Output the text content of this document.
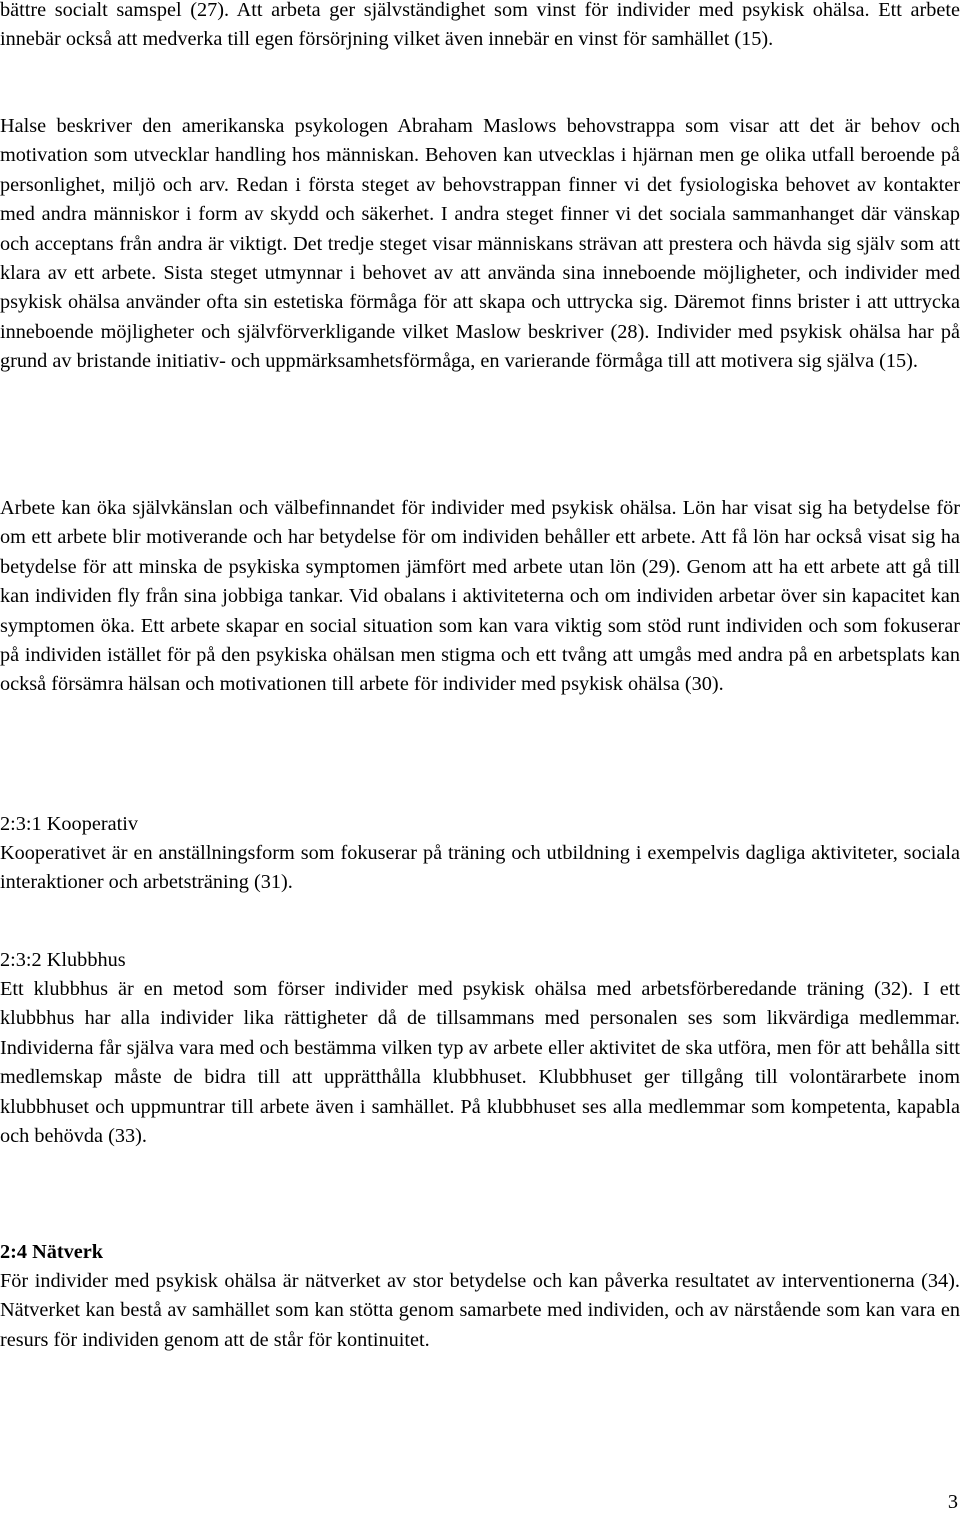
bättre socialt samspel (27). Att arbeta ger självständighet som vinst för individer med psykisk ohälsa. Ett arbete innebär också att medverka till egen försörjning vilket även innebär en vinst för samhället (15).

Halse beskriver den amerikanska psykologen Abraham Maslows behovstrappa som visar att det är behov och motivation som utvecklar handling hos människan. Behoven kan utvecklas i hjärnan men ge olika utfall beroende på personlighet, miljö och arv. Redan i första steget av behovstrappan finner vi det fysiologiska behovet av kontakter med andra människor i form av skydd och säkerhet. I andra steget finner vi det sociala sammanhanget där vänskap och acceptans från andra är viktigt. Det tredje steget visar människans strävan att prestera och hävda sig själv som att klara av ett arbete. Sista steget utmynnar i behovet av att använda sina inneboende möjligheter, och individer med psykisk ohälsa använder ofta sin estetiska förmåga för att skapa och uttrycka sig. Däremot finns brister i att uttrycka inneboende möjligheter och självförverkligande vilket Maslow beskriver (28). Individer med psykisk ohälsa har på grund av bristande initiativ- och uppmärksamhetsförmåga, en varierande förmåga till att motivera sig själva (15).

Arbete kan öka självkänslan och välbefinnandet för individer med psykisk ohälsa. Lön har visat sig ha betydelse för om ett arbete blir motiverande och har betydelse för om individen behåller ett arbete. Att få lön har också visat sig ha betydelse för att minska de psykiska symptomen jämfört med arbete utan lön (29). Genom att ha ett arbete att gå till kan individen fly från sina jobbiga tankar. Vid obalans i aktiviteterna och om individen arbetar över sin kapacitet kan symptomen öka. Ett arbete skapar en social situation som kan vara viktig som stöd runt individen och som fokuserar på individen istället för på den psykiska ohälsan men stigma och ett tvång att umgås med andra på en arbetsplats kan också försämra hälsan och motivationen till arbete för individer med psykisk ohälsa (30).

2:3:1 Kooperativ

Kooperativet är en anställningsform som fokuserar på träning och utbildning i exempelvis dagliga aktiviteter, sociala interaktioner och arbetsträning (31).

2:3:2 Klubbhus

Ett klubbhus är en metod som förser individer med psykisk ohälsa med arbetsförberedande träning (32). I ett klubbhus har alla individer lika rättigheter då de tillsammans med personalen ses som likvärdiga medlemmar. Individerna får själva vara med och bestämma vilken typ av arbete eller aktivitet de ska utföra, men för att behålla sitt medlemskap måste de bidra till att upprätthålla klubbhuset. Klubbhuset ger tillgång till volontärarbete inom klubbhuset och uppmuntrar till arbete även i samhället. På klubbhuset ses alla medlemmar som kompetenta, kapabla och behövda (33).

2:4 Nätverk

För individer med psykisk ohälsa är nätverket av stor betydelse och kan påverka resultatet av interventionerna (34). Nätverket kan bestå av samhället som kan stötta genom samarbete med individen, och av närstående som kan vara en resurs för individen genom att de står för kontinuitet.

3
